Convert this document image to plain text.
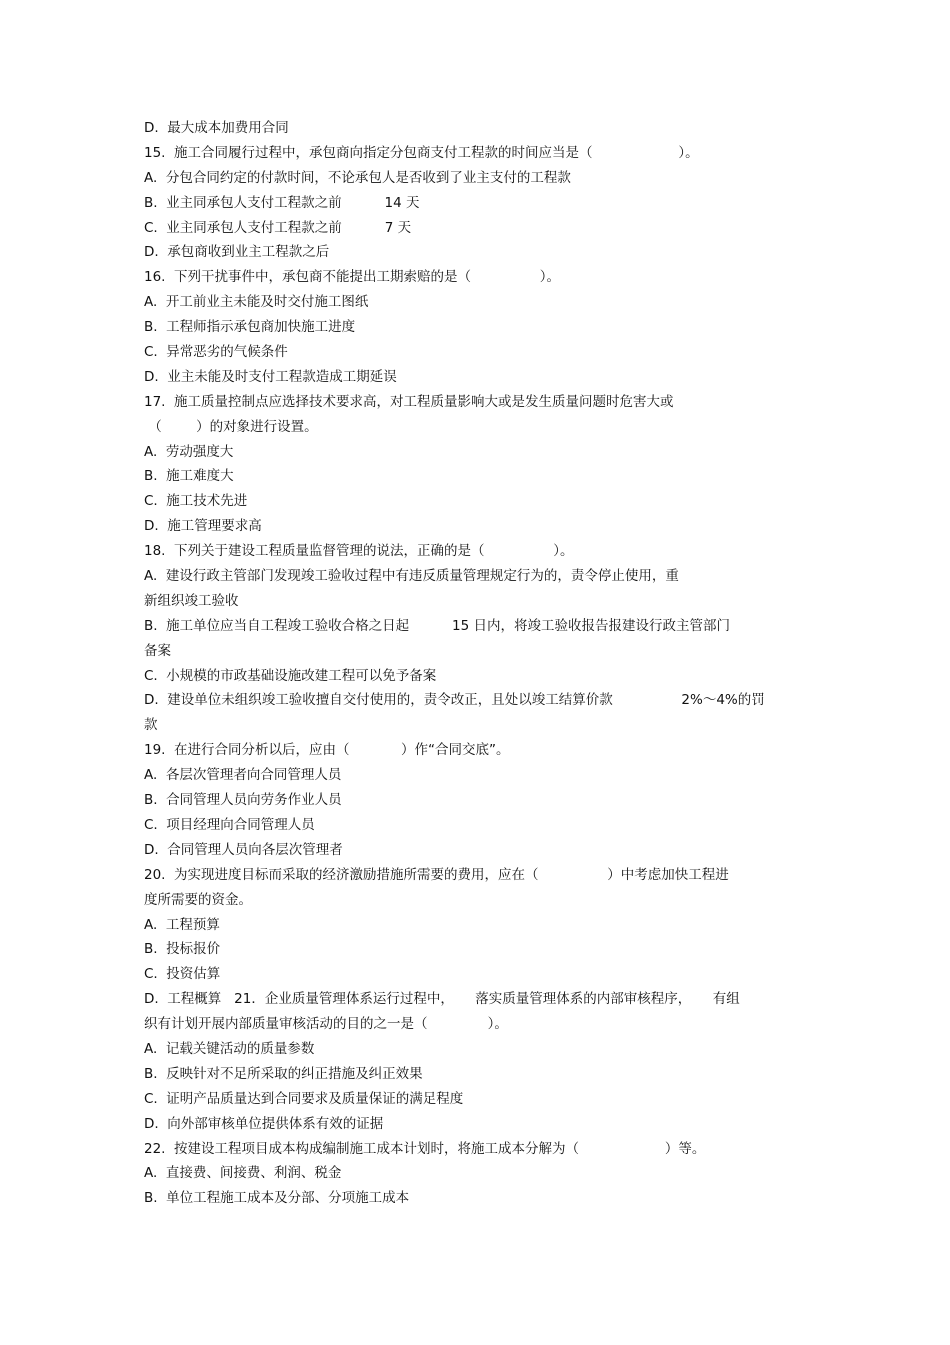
D.  最大成本加费用合同
15.  施工合同履行过程中，承包商向指定分包商支付工程款的时间应当是（                    ）。
A.  分包合同约定的付款时间，不论承包人是否收到了业主支付的工程款
B.  业主同承包人支付工程款之前          14 天
C.  业主同承包人支付工程款之前          7 天
D.  承包商收到业主工程款之后
16.  下列干扰事件中，承包商不能提出工期索赔的是（                ）。
A.  开工前业主未能及时交付施工图纸
B.  工程师指示承包商加快施工进度
C.  异常恶劣的气候条件
D.  业主未能及时支付工程款造成工期延误
17.  施工质量控制点应选择技术要求高，对工程质量影响大或是发生质量问题时危害大或
（        ）的对象进行设置。
A.  劳动强度大
B.  施工难度大
C.  施工技术先进
D.  施工管理要求高
18.  下列关于建设工程质量监督管理的说法，正确的是（                ）。
A.  建设行政主管部门发现竣工验收过程中有违反质量管理规定行为的，责令停止使用，重
新组织竣工验收
B.  施工单位应当自工程竣工验收合格之日起          15 日内，将竣工验收报告报建设行政主管部门
备案
C.  小规模的市政基础设施改建工程可以免予备案
D.  建设单位未组织竣工验收擅自交付使用的，责令改正，且处以竣工结算价款                2%～4%的罚
款
19.  在进行合同分析以后，应由（            ）作“合同交底”。
A.  各层次管理者向合同管理人员
B.  合同管理人员向劳务作业人员
C.  项目经理向合同管理人员
D.  合同管理人员向各层次管理者
20.  为实现进度目标而采取的经济激励措施所需要的费用，应在（                ）中考虑加快工程进
度所需要的资金。
A.  工程预算
B.  投标报价
C.  投资估算
D.  工程概算   21．企业质量管理体系运行过程中，     落实质量管理体系的内部审核程序，     有组
织有计划开展内部质量审核活动的目的之一是（              ）。
A.  记载关键活动的质量参数
B.  反映针对不足所采取的纠正措施及纠正效果
C.  证明产品质量达到合同要求及质量保证的满足程度
D.  向外部审核单位提供体系有效的证据
22.  按建设工程项目成本构成编制施工成本计划时，将施工成本分解为（                    ）等。
A.  直接费、间接费、利润、税金
B.  单位工程施工成本及分部、分项施工成本
